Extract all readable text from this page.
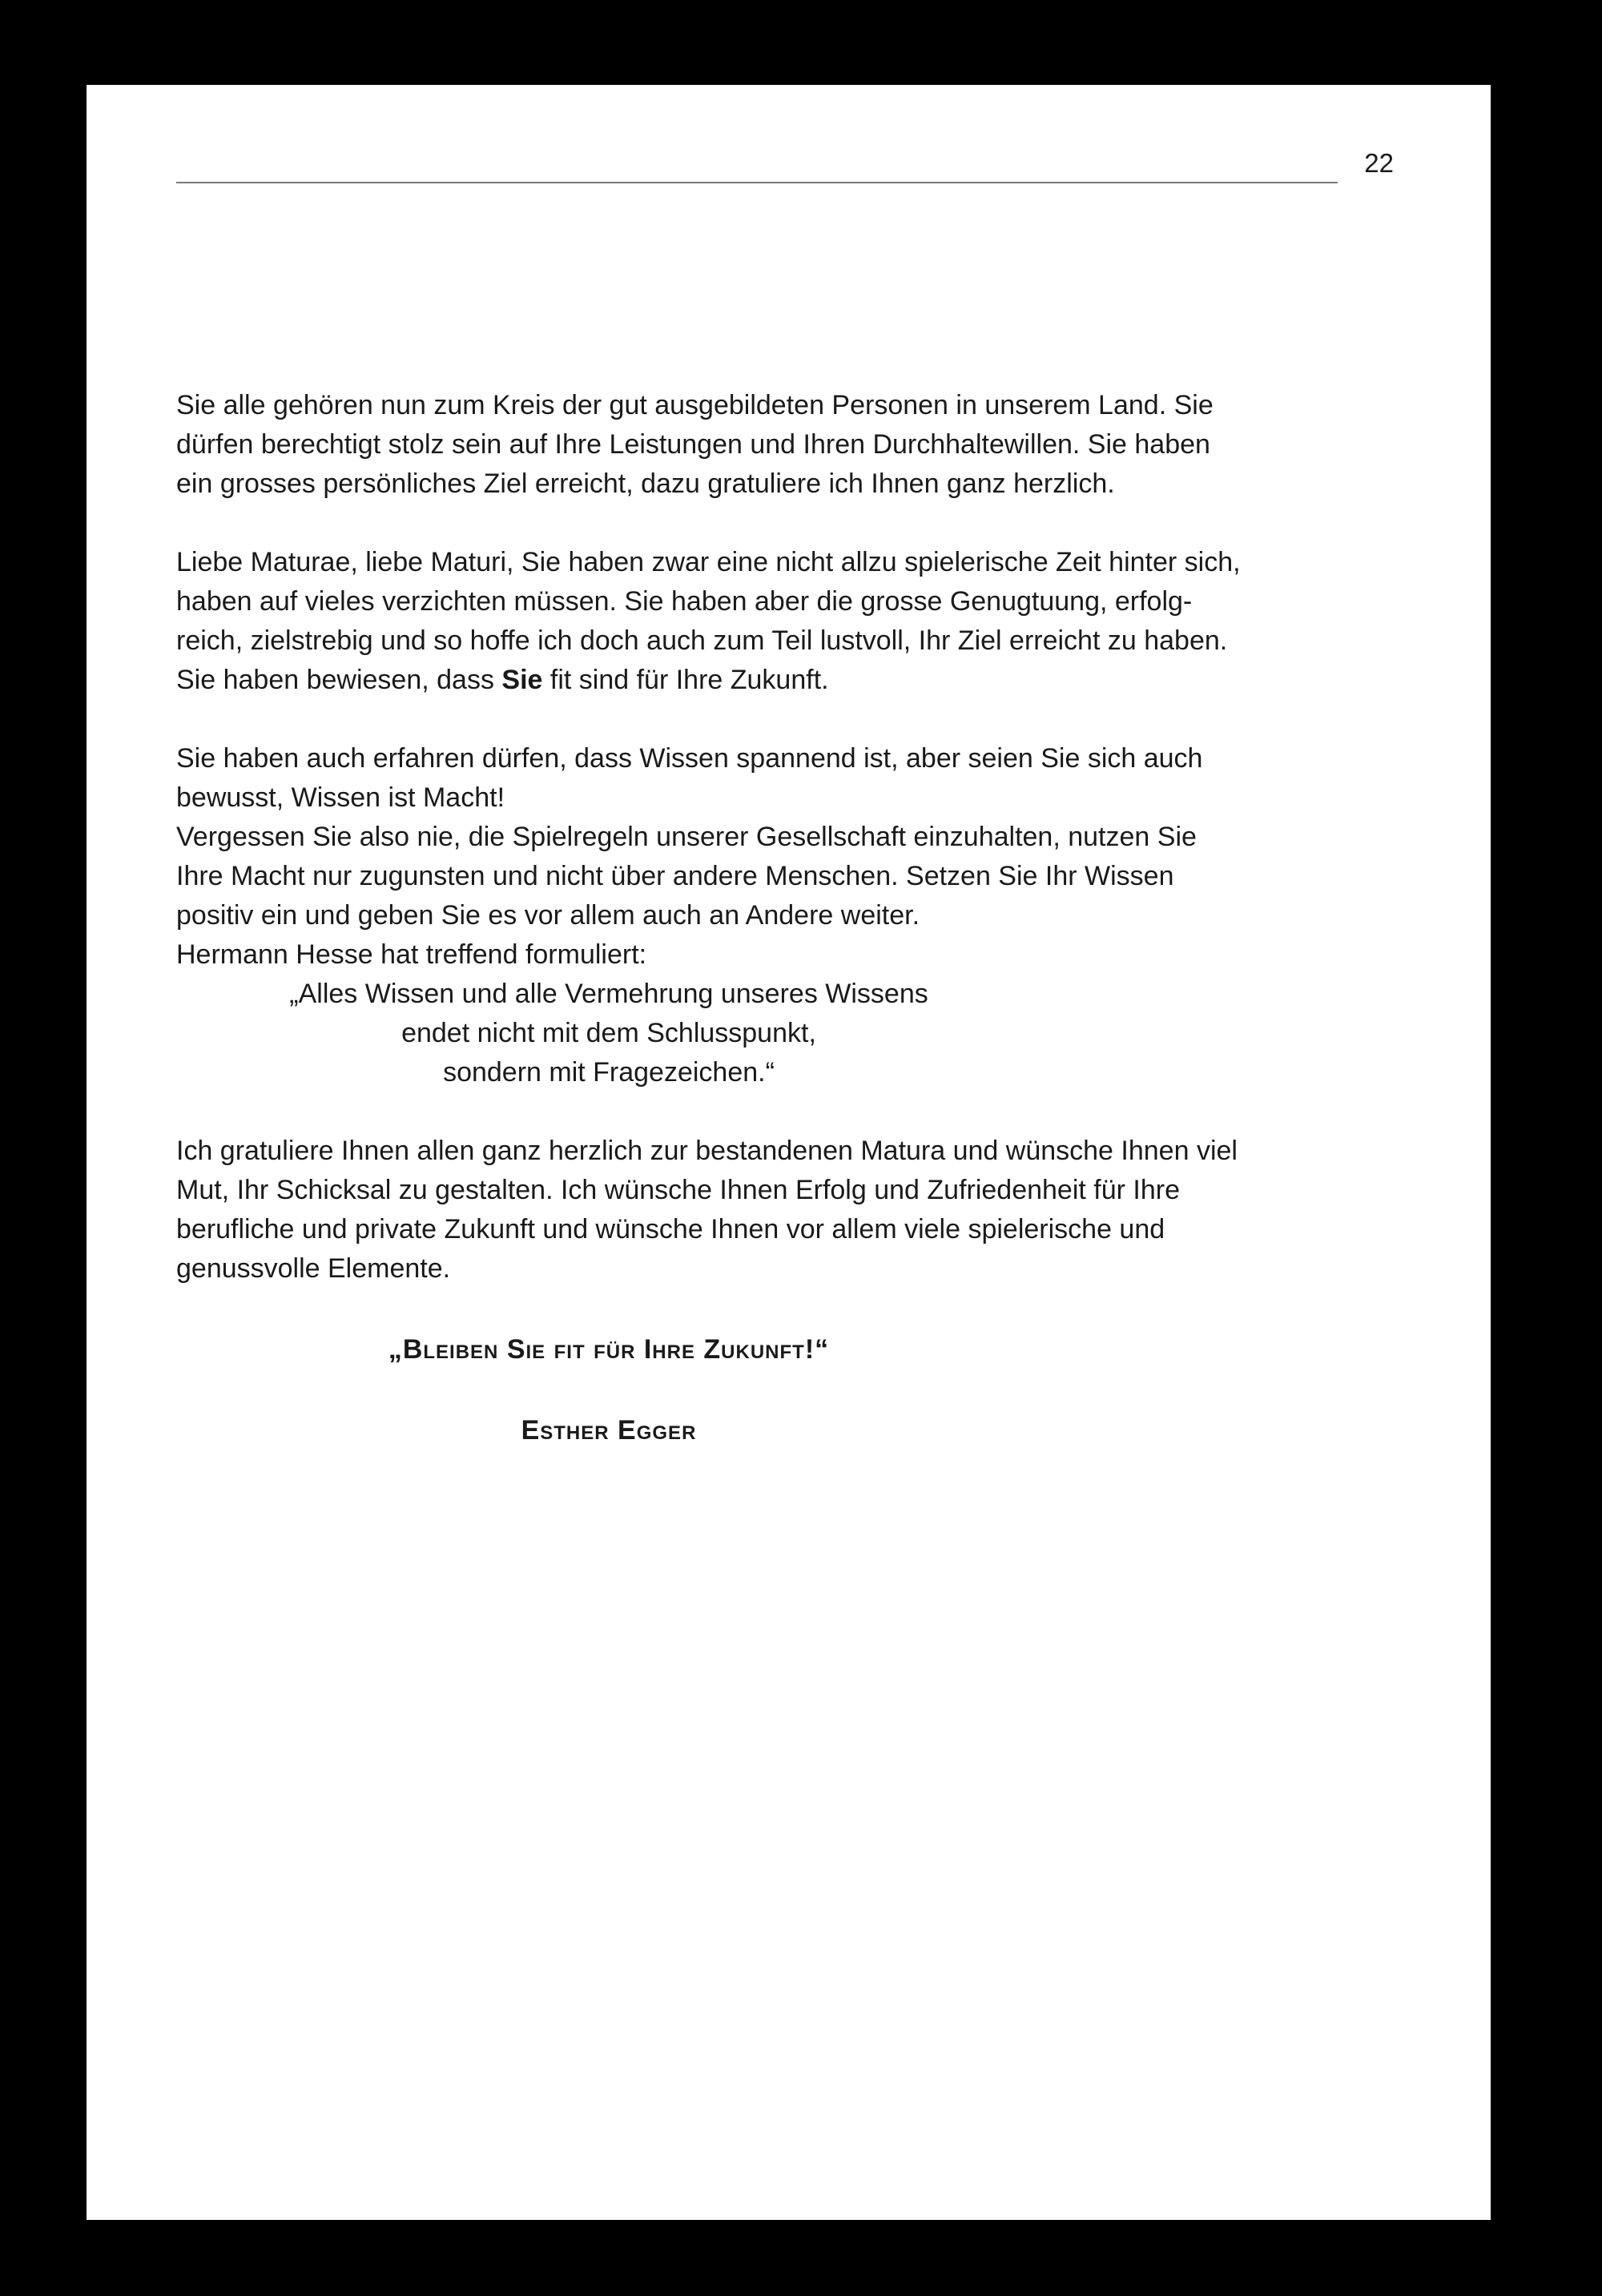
22

Sie alle gehören nun zum Kreis der gut ausgebildeten Personen in unserem Land. Sie

dürfen berechtigt stolz sein auf Ihre Leistungen und Ihren Durchhaltewillen. Sie haben

ein grosses persönliches Ziel erreicht, dazu gratuliere ich Ihnen ganz herzlich.

Liebe Maturae, liebe Maturi, Sie haben zwar eine nicht allzu spielerische Zeit hinter sich,

haben auf vieles verzichten müssen. Sie haben aber die grosse Genugtuung, erfolg-

reich, zielstrebig und so hoffe ich doch auch zum Teil lustvoll, Ihr Ziel erreicht zu haben.

Sie haben bewiesen, dass Sie fit sind für Ihre Zukunft.

Sie haben auch erfahren dürfen, dass Wissen spannend ist, aber seien Sie sich auch

bewusst, Wissen ist Macht!

Vergessen Sie also nie, die Spielregeln unserer Gesellschaft einzuhalten, nutzen Sie

Ihre Macht nur zugunsten und nicht über andere Menschen. Setzen Sie Ihr Wissen

positiv ein und geben Sie es vor allem auch an Andere weiter.

Hermann Hesse hat treffend formuliert:

„Alles Wissen und alle Vermehrung unseres Wissens

endet nicht mit dem Schlusspunkt,

sondern mit Fragezeichen.“

Ich gratuliere Ihnen allen ganz herzlich zur bestandenen Matura und wünsche Ihnen viel

Mut, Ihr Schicksal zu gestalten. Ich wünsche Ihnen Erfolg und Zufriedenheit für Ihre

berufliche und private Zukunft und wünsche Ihnen vor allem viele spielerische und

genussvolle Elemente.

„Bleiben Sie fit für Ihre Zukunft!“

Esther Egger
